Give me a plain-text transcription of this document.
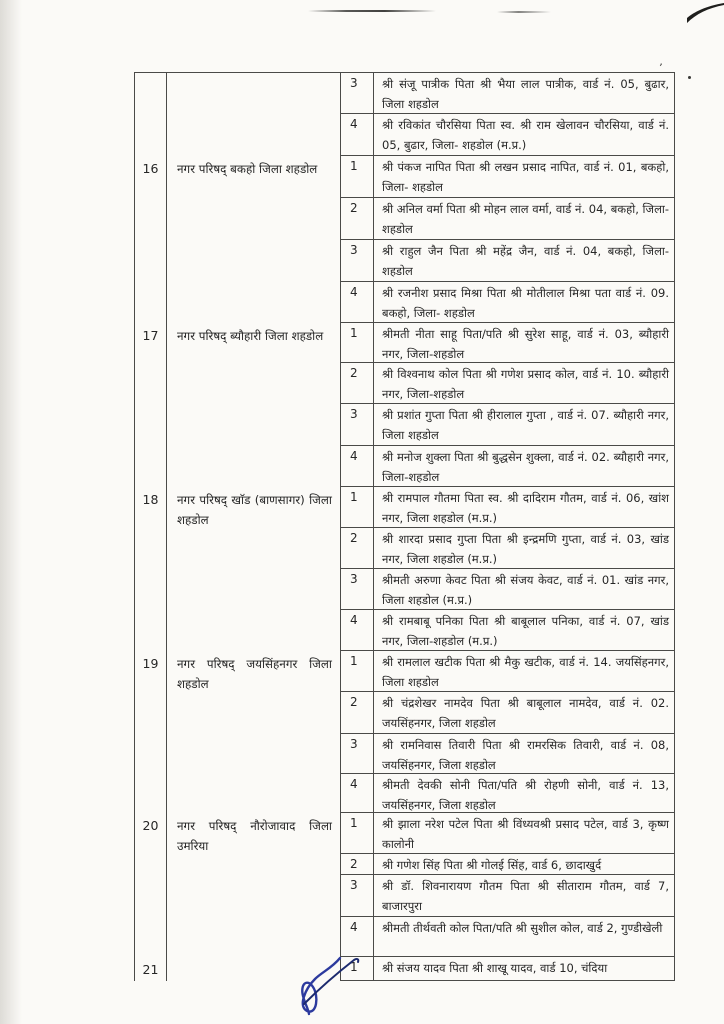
,
3	श्री संजू पात्रीक पिता श्री भैया लाल पात्रीक, वार्ड नं. 05, बुढार, जिला शहडोल
4	श्री रविकांत चौरसिया पिता स्व. श्री राम खेलावन चौरसिया, वार्ड नं. 05, बुढार, जिला- शहडोल (म.प्र.)
16	नगर परिषद् बकहो जिला शहडोल	1	श्री पंकज नापित पिता श्री लखन प्रसाद नापित, वार्ड नं. 01, बकहो, जिला- शहडोल
2	श्री अनिल वर्मा पिता श्री मोहन लाल वर्मा, वार्ड नं. 04, बकहो, जिला- शहडोल
3	श्री राहुल जैन पिता श्री महेंद्र जैन, वार्ड नं. 04, बकहो, जिला- शहडोल
4	श्री रजनीश प्रसाद मिश्रा पिता श्री मोतीलाल मिश्रा पता वार्ड नं. 09. बकहो, जिला- शहडोल
17	नगर परिषद् ब्यौहारी जिला शहडोल	1	श्रीमती नीता साहू पिता/पति श्री सुरेश साहू, वार्ड नं. 03, ब्यौहारी नगर, जिला-शहडोल
2	श्री विश्वनाथ कोल पिता श्री गणेश प्रसाद कोल, वार्ड नं. 10. ब्यौहारी नगर, जिला-शहडोल
3	श्री प्रशांत गुप्ता पिता श्री हीरालाल गुप्ता , वार्ड नं. 07. ब्यौहारी नगर, जिला शहडोल
4	श्री मनोज शुक्ला पिता श्री बुद्धसेन शुक्ला, वार्ड नं. 02. ब्यौहारी नगर, जिला-शहडोल
18	नगर परिषद् खाॅड (बाणसागर) जिला शहडोल
1	श्री रामपाल गौतमा पिता स्व. श्री दादिराम गौतम, वार्ड नं. 06, खांश नगर, जिला शहडोल (म.प्र.)
2	श्री शारदा प्रसाद गुप्ता पिता श्री इन्द्रमणि गुप्ता, वार्ड नं. 03, खांड नगर, जिला शहडोल (म.प्र.)
3	श्रीमती अरुणा केवट पिता श्री संजय केवट, वार्ड नं. 01. खांड नगर, जिला शहडोल (म.प्र.)
4	श्री रामबाबू पनिका पिता श्री बाबूलाल पनिका, वार्ड नं. 07, खांड नगर, जिला-शहडोल (म.प्र.)
19	नगर परिषद् जयसिंहनगर जिला शहडोल
1	श्री रामलाल खटीक पिता श्री मैकु खटीक, वार्ड नं. 14. जयसिंहनगर, जिला शहडोल
2	श्री चंद्रशेखर नामदेव पिता श्री बाबूलाल नामदेव, वार्ड नं. 02. जयसिंहनगर, जिला शहडोल
3	श्री रामनिवास तिवारी पिता श्री रामरसिक तिवारी, वार्ड नं. 08, जयसिंहनगर, जिला शहडोल
4	श्रीमती देवकी सोनी पिता/पति श्री रोहणी सोनी, वार्ड नं. 13, जयसिंहनगर, जिला शहडोल
20	नगर परिषद् नौरोजावाद जिला उमरिया
1	श्री झाला नरेश पटेल पिता श्री विंध्यवश्री प्रसाद पटेल, वार्ड 3, कृष्ण कालोनी
2	श्री गणेश सिंह पिता श्री गोलई सिंह, वार्ड 6, छादाखुर्द
3	श्री डॉ. शिवनारायण गौतम पिता श्री सीताराम गौतम, वार्ड 7, बाजारपुरा
4	श्रीमती तीर्थवती कोल पिता/पति श्री सुशील कोल, वार्ड 2, गुण्डीखेली
21	1	श्री संजय यादव पिता श्री शाखू यादव, वार्ड 10, चंदिया
